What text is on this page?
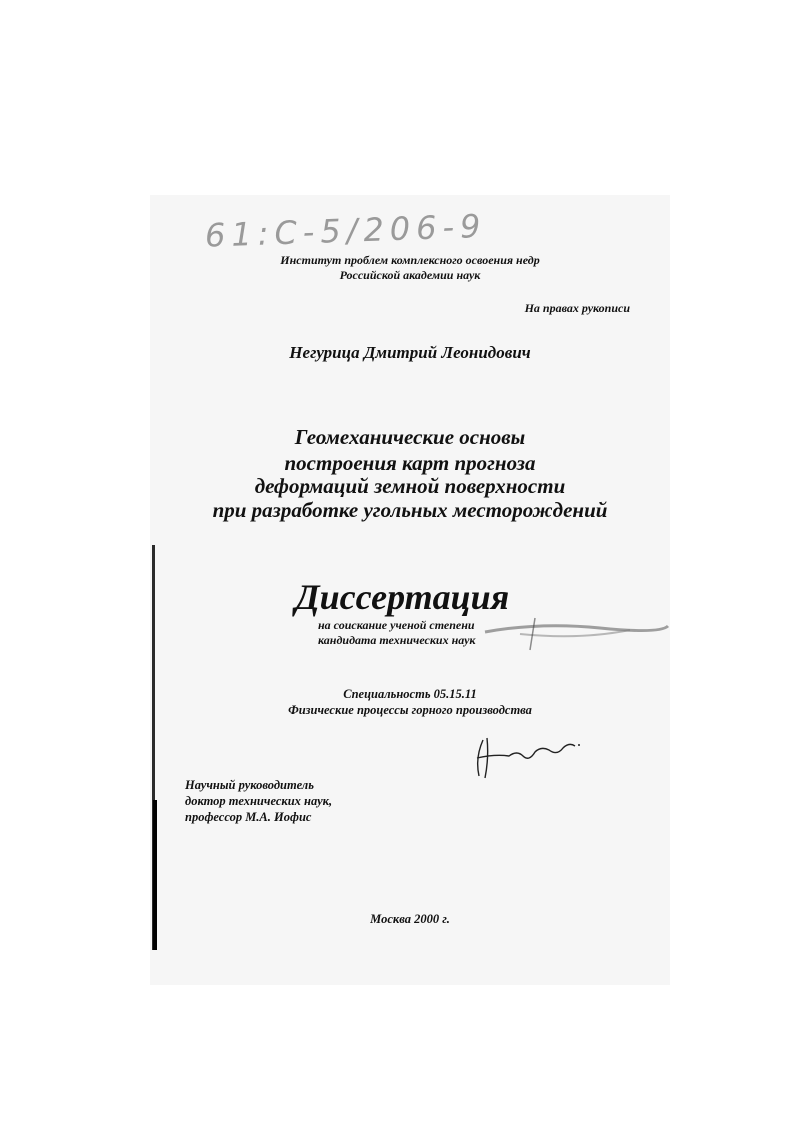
61:С-5/206-9
Институт проблем комплексного освоения недр
Российской академии наук
На правах рукописи
Негурица Дмитрий Леонидович
Геомеханические основы
построения карт прогноза
деформаций земной поверхности
при разработке угольных месторождений
Диссертация
на соискание ученой степени
кандидата технических наук
Специальность 05.15.11
Физические процессы горного производства
Научный руководитель
доктор технических наук,
профессор М.А. Иофис
Москва 2000 г.
